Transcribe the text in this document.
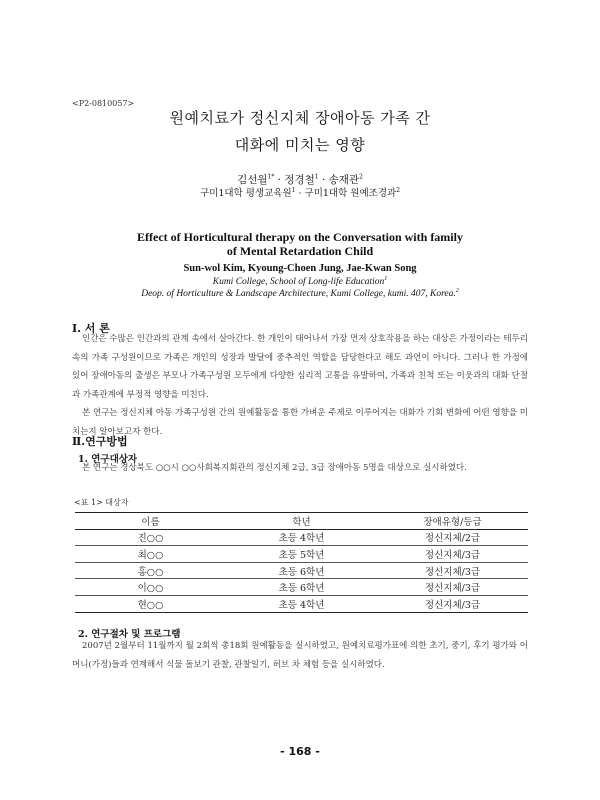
<P2-0810057>
원예치료가 정신지체 장애아동 가족 간
대화에 미치는 영향
김선월$^{1*}$ · 정경철$^1$ · 송재관$^2$
구미1대학 평생교육원$^1$ · 구미1대학 원예조경과$^2$
Effect of Horticultural therapy on the Conversation with family
of Mental Retardation Child
Sun-wol Kim, Kyoung-Choen Jung, Jae-Kwan Song
Kumi College, School of Long-life Education$^1$
Deop. of Horticulture & Landscape Architecture, Kumi College, kumi. 407, Korea.$^2$
Ⅰ. 서 론

인간은 수많은 인간과의 관계 속에서 살아간다. 한 개인이 태어나서 가장 먼저 상호작용을 하는 대상은 가정이라는 테두리 속의 가족 구성원이므로 가족은 개인의 성장과 발달에 중추적인 역할을 담당한다고 해도 과언이 아니다. 그러나 한 가정에 있어 장애아동의 출생은 부모나 가족구성원 모두에게 다양한 심리적 고통을 유발하여, 가족과 친척 또는 이웃과의 대화 단절과 가족관계에 부정적 영향을 미친다.

본 연구는 정신지체 아동 가족구성원 간의 원예활동을 통한 가벼운 주제로 이루어지는 대화가 기회 변화에 어떤 영향을 미치는지 알아보고자 한다.

Ⅱ.연구방법
1. 연구대상자

본 연구는 경상북도 ○○시 ○○사회복지회관의 정신지체 2급, 3급 장애아동 5명을 대상으로 실시하였다.

<표 1> 대상자
이름	학년	장애유형/등급
진○○	초등 4학년	정신지체/2급
최○○	초등 5학년	정신지체/3급
홍○○	초등 6학년	정신지체/3급
이○○	초등 6학년	정신지체/3급
현○○	초등 4학년	정신지체/3급
2. 연구절차 및 프로그램

2007년 2월부터 11월까지 월 2회씩 총18회 원예활동을 실시하였고, 원예치료평가표에 의한 초기, 중기, 후기 평가와 어머니(가정)들과 연계해서 식물 돌보기 관찰, 관찰일기, 허브 차 체험 등을 실시하였다.

- 168 -
